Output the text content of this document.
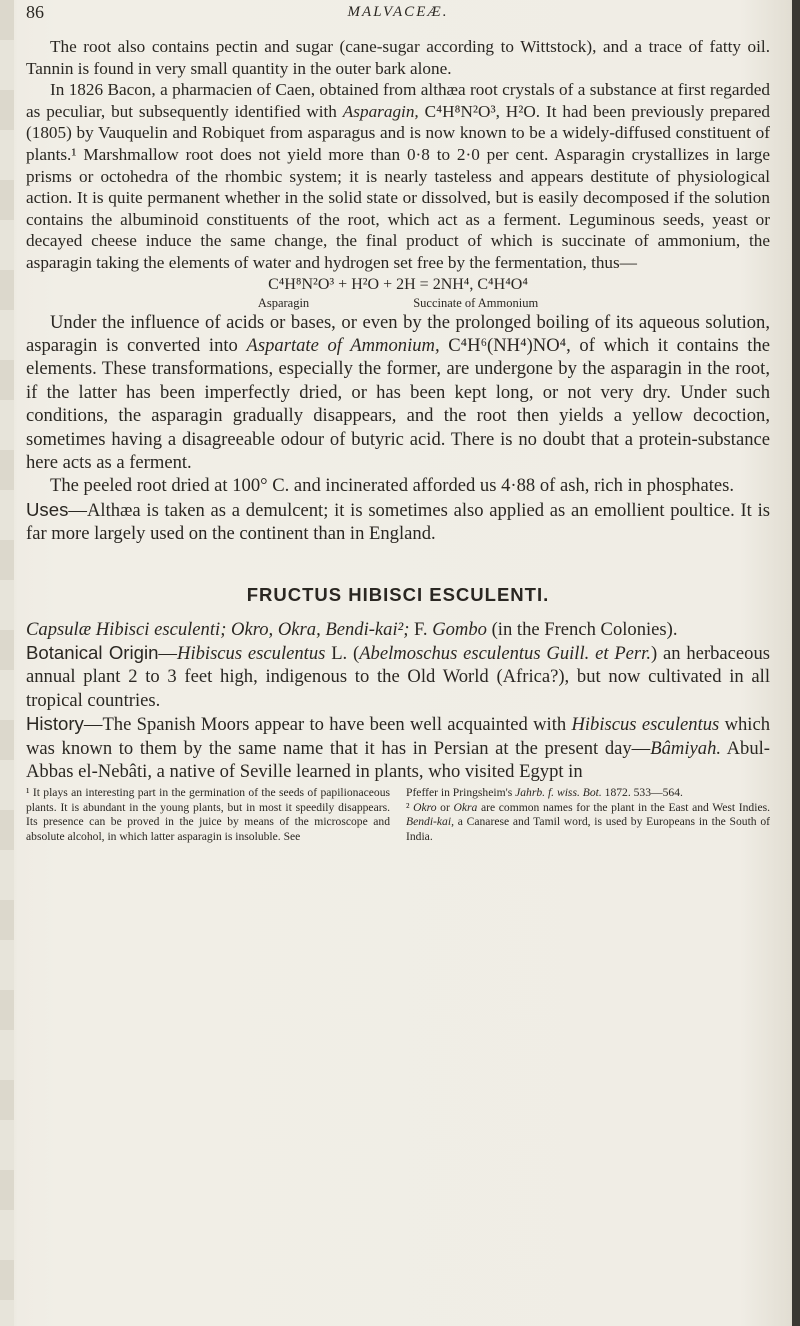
86	MALVACEÆ.

The root also contains pectin and sugar (cane-sugar according to Wittstock), and a trace of fatty oil. Tannin is found in very small quantity in the outer bark alone.

In 1826 Bacon, a pharmacien of Caen, obtained from althæa root crystals of a substance at first regarded as peculiar, but subsequently identified with Asparagin, C⁴H⁸N²O³, H²O. It had been previously prepared (1805) by Vauquelin and Robiquet from asparagus and is now known to be a widely-diffused constituent of plants.¹ Marshmallow root does not yield more than 0·8 to 2·0 per cent. Asparagin crystallizes in large prisms or octohedra of the rhombic system; it is nearly tasteless and appears destitute of physiological action. It is quite permanent whether in the solid state or dissolved, but is easily decomposed if the solution contains the albuminoid constituents of the root, which act as a ferment. Leguminous seeds, yeast or decayed cheese induce the same change, the final product of which is succinate of ammonium, the asparagin taking the elements of water and hydrogen set free by the fermentation, thus—

C⁴H⁸N²O³ + H²O + 2H = 2NH⁴, C⁴H⁴O⁴
Asparagin	Succinate of Ammonium

Under the influence of acids or bases, or even by the prolonged boiling of its aqueous solution, asparagin is converted into Aspartate of Ammonium, C⁴H⁶(NH⁴)NO⁴, of which it contains the elements. These transformations, especially the former, are undergone by the asparagin in the root, if the latter has been imperfectly dried, or has been kept long, or not very dry. Under such conditions, the asparagin gradually disappears, and the root then yields a yellow decoction, sometimes having a disagreeable odour of butyric acid. There is no doubt that a protein-substance here acts as a ferment.

The peeled root dried at 100° C. and incinerated afforded us 4·88 of ash, rich in phosphates.

Uses—Althæa is taken as a demulcent; it is sometimes also applied as an emollient poultice. It is far more largely used on the continent than in England.

FRUCTUS HIBISCI ESCULENTI.

Capsulæ Hibisci esculenti; Okro, Okra, Bendi-kai²; F. Gombo (in the French Colonies).

Botanical Origin—Hibiscus esculentus L. (Abelmoschus esculentus Guill. et Perr.) an herbaceous annual plant 2 to 3 feet high, indigenous to the Old World (Africa?), but now cultivated in all tropical countries.

History—The Spanish Moors appear to have been well acquainted with Hibiscus esculentus which was known to them by the same name that it has in Persian at the present day—Bâmiyah. Abul-Abbas el-Nebâti, a native of Seville learned in plants, who visited Egypt in

¹ It plays an interesting part in the germination of the seeds of papilionaceous plants. It is abundant in the young plants, but in most it speedily disappears. Its presence can be proved in the juice by means of the microscope and absolute alcohol, in which latter asparagin is insoluble. See
Pfeffer in Pringsheim's Jahrb. f. wiss. Bot. 1872. 533—564.
² Okro or Okra are common names for the plant in the East and West Indies. Bendi-kai, a Canarese and Tamil word, is used by Europeans in the South of India.
